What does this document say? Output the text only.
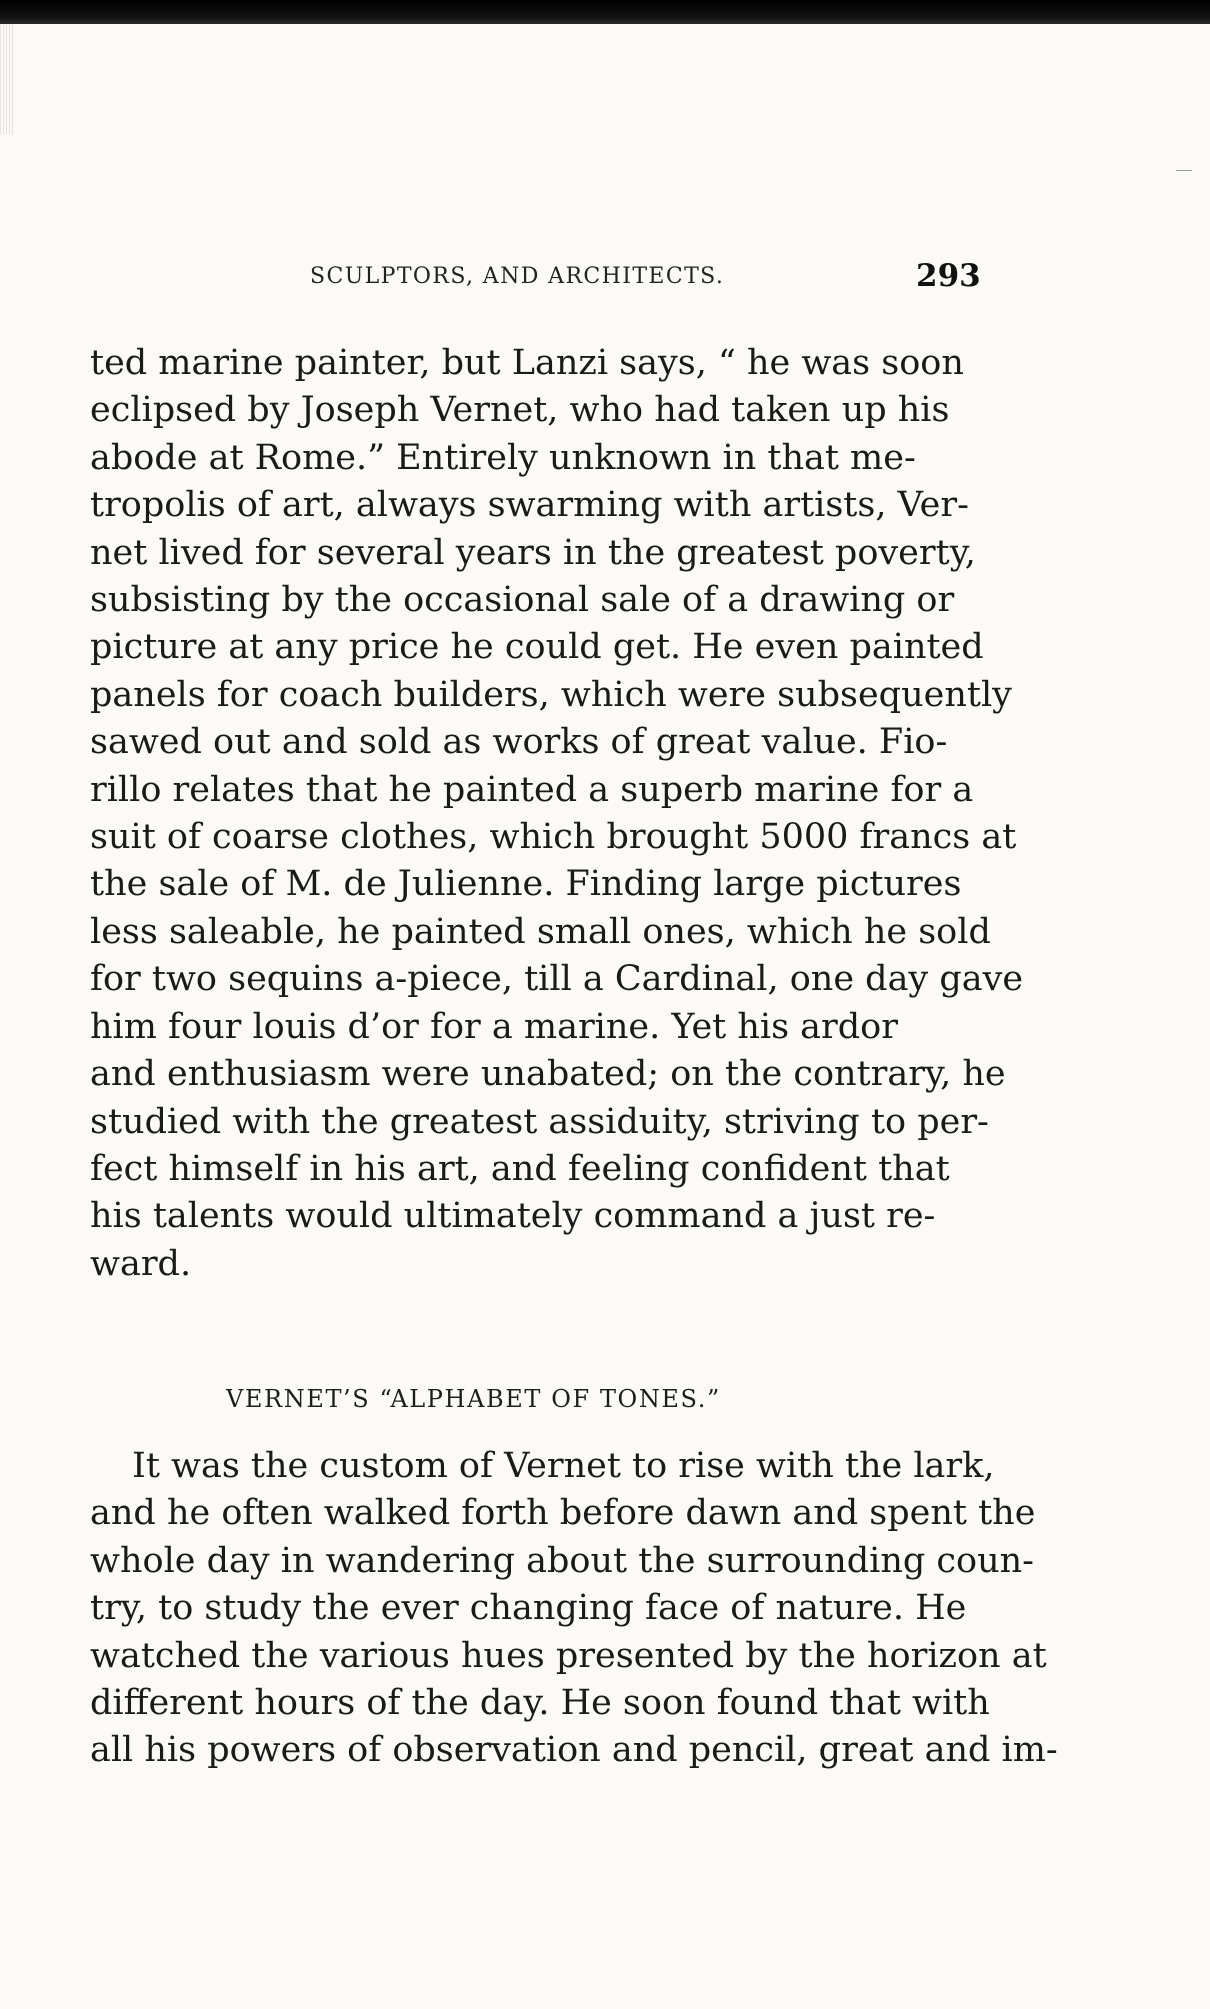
SCULPTORS, AND ARCHITECTS.	293

ted marine painter, but Lanzi says, “ he was soon
eclipsed by Joseph Vernet, who had taken up his
abode at Rome.” Entirely unknown in that me-
tropolis of art, always swarming with artists, Ver-
net lived for several years in the greatest poverty,
subsisting by the occasional sale of a drawing or
picture at any price he could get. He even painted
panels for coach builders, which were subsequently
sawed out and sold as works of great value. Fio-
rillo relates that he painted a superb marine for a
suit of coarse clothes, which brought 5000 francs at
the sale of M. de Julienne. Finding large pictures
less saleable, he painted small ones, which he sold
for two sequins a-piece, till a Cardinal, one day gave
him four louis d’or for a marine. Yet his ardor
and enthusiasm were unabated; on the contrary, he
studied with the greatest assiduity, striving to per-
fect himself in his art, and feeling confident that
his talents would ultimately command a just re-
ward.

VERNET’S “ALPHABET OF TONES.”

It was the custom of Vernet to rise with the lark,
and he often walked forth before dawn and spent the
whole day in wandering about the surrounding coun-
try, to study the ever changing face of nature. He
watched the various hues presented by the horizon at
different hours of the day. He soon found that with
all his powers of observation and pencil, great and im-
